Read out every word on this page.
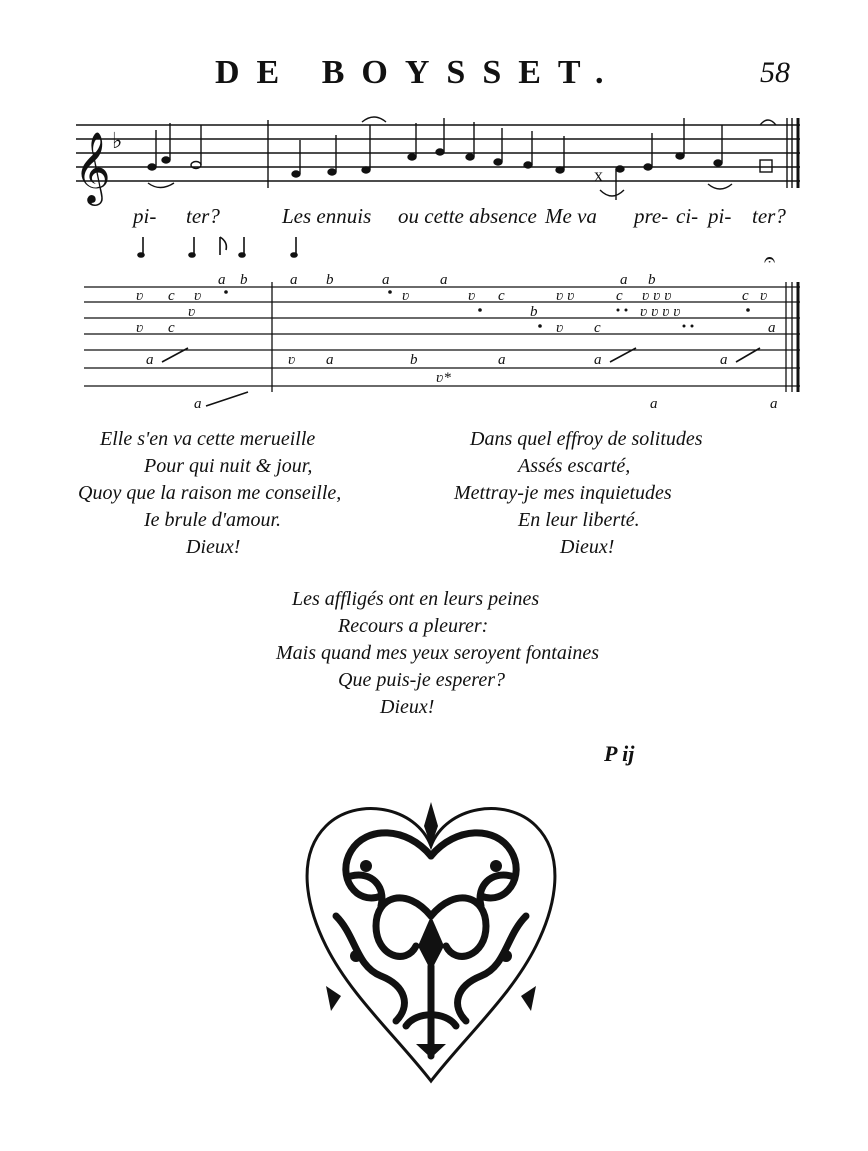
DE BOYSSET.	58
𝄞 ♭
x
𝄐
pi- ter?	Les ennuis ou cette absence Me va pre- ci- pi- ter?
a b	a b	a	a	a b
ʋ c ʋ	ʋ	ʋ c	ʋ ʋ	c ʋ ʋ ʋ	c ʋ
ʋ	b	ʋ ʋ ʋ ʋ
ʋ c	ʋ c	a
a	ʋ a	b	a	a	a
ʋ*
a	a	a
Elle s'en va cette merueille
Pour qui nuit & jour,
Quoy que la raison me conseille,
Ie brule d'amour.
Dieux!
Dans quel effroy de solitudes
Assés escarté,
Mettray-je mes inquietudes
En leur liberté.
Dieux!
Les affligés ont en leurs peines
Recours a pleurer:
Mais quand mes yeux seroyent fontaines
Que puis-je esperer?
Dieux!
P ij
